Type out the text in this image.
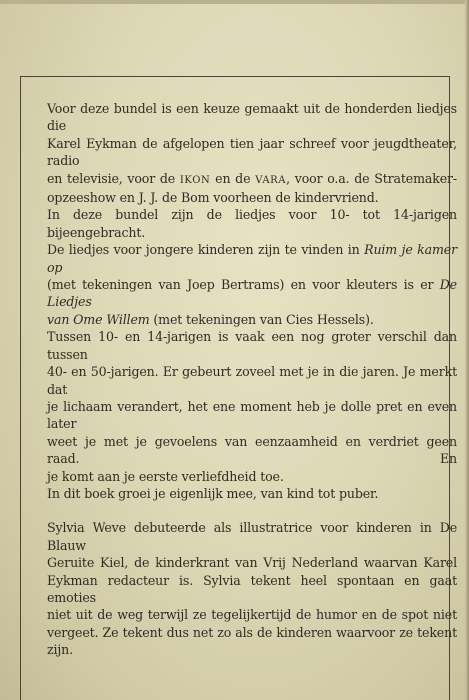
Voor deze bundel is een keuze gemaakt uit de honderden liedjes die
Karel Eykman de afgelopen tien jaar schreef voor jeugdtheater, radio
en televisie, voor de IKON en de VARA, voor o.a. de Stratemaker-
opzeeshow en J. J. de Bom voorheen de kindervriend.
In deze bundel zijn de liedjes voor 10- tot 14-jarigen bijeengebracht.
De liedjes voor jongere kinderen zijn te vinden in Ruim je kamer op
(met tekeningen van Joep Bertrams) en voor kleuters is er De Liedjes
van Ome Willem (met tekeningen van Cies Hessels).
Tussen 10- en 14-jarigen is vaak een nog groter verschil dan tussen
40- en 50-jarigen. Er gebeurt zoveel met je in die jaren. Je merkt dat
je lichaam verandert, het ene moment heb je dolle pret en even later
weet je met je gevoelens van eenzaamheid en verdriet geen raad. En
je komt aan je eerste verliefdheid toe.
In dit boek groei je eigenlijk mee, van kind tot puber.

Sylvia Weve debuteerde als illustratrice voor kinderen in De Blauw
Geruite Kiel, de kinderkrant van Vrij Nederland waarvan Karel
Eykman redacteur is. Sylvia tekent heel spontaan en gaat emoties
niet uit de weg terwijl ze tegelijkertijd de humor en de spot niet
vergeet. Ze tekent dus net zo als de kinderen waarvoor ze tekent
zijn.
